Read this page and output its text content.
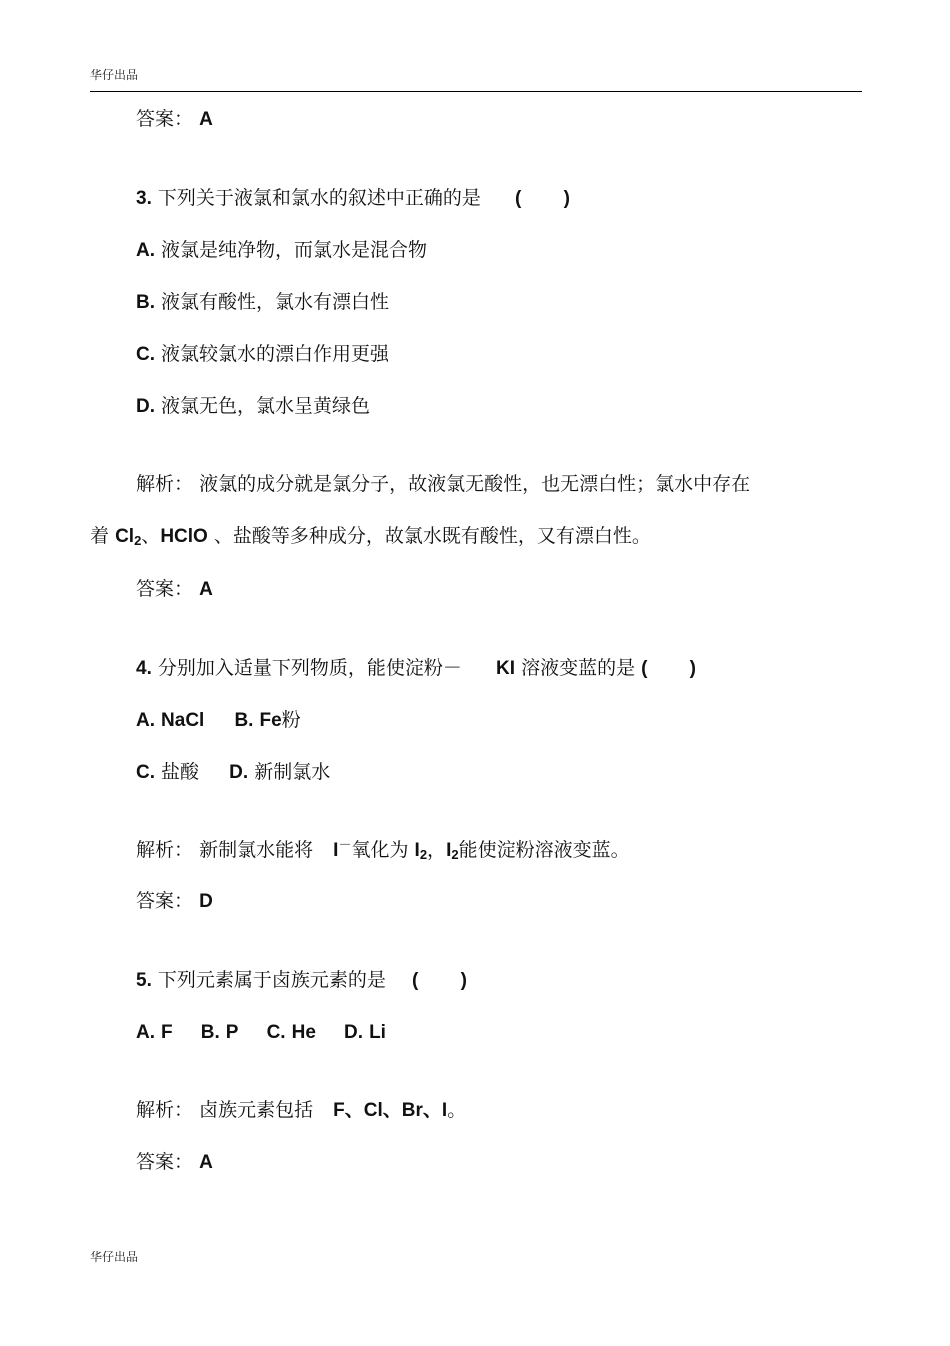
华仔出品
答案： A
3. 下列关于液氯和氯水的叙述中正确的是 (        )
A. 液氯是纯净物，而氯水是混合物
B. 液氯有酸性，氯水有漂白性
C. 液氯较氯水的漂白作用更强
D. 液氯无色，氯水呈黄绿色
解析： 液氯的成分就是氯分子，故液氯无酸性，也无漂白性；氯水中存在
着 $Cl_2$、HClO 、盐酸等多种成分，故氯水既有酸性，又有漂白性。
答案： A
4. 分别加入适量下列物质，能使淀粉－ KI 溶液变蓝的是 (        )
A. NaCl B. Fe粉
C. 盐酸 D. 新制氯水
解析： 新制氯水能将 I－氧化为 $I_2$，$I_2$能使淀粉溶液变蓝。
答案： D
5. 下列元素属于卤族元素的是 (        )
A. F B. P C. He D. Li
解析： 卤族元素包括 F、Cl、Br、I。
答案： A
华仔出品
